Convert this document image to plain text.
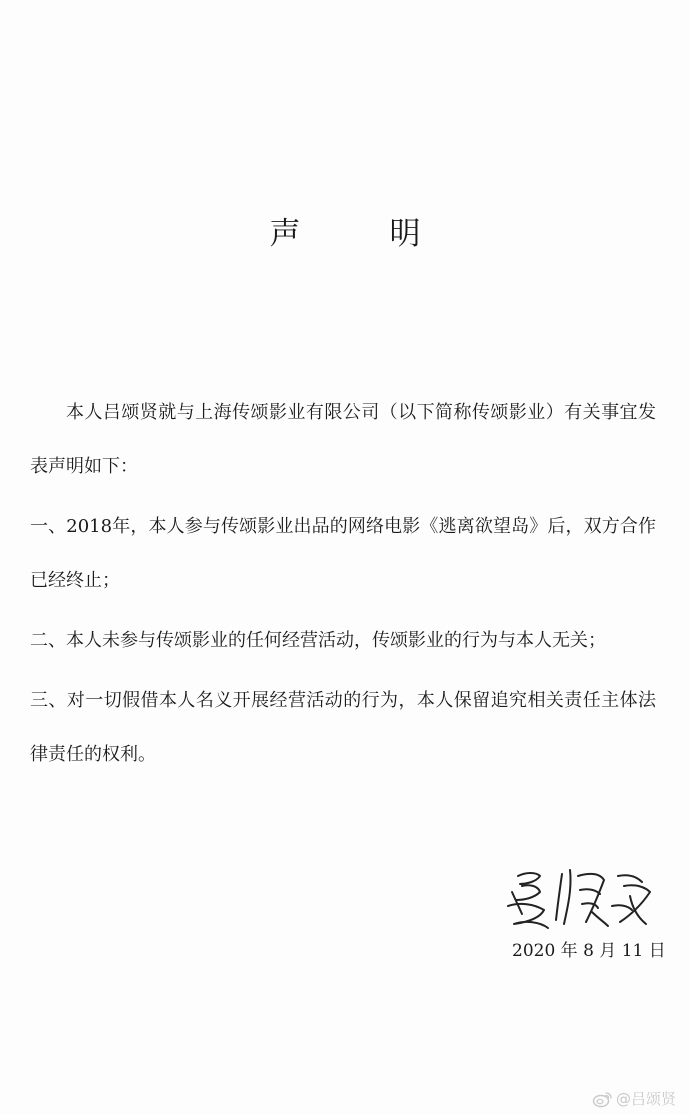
声	明

本人吕颂贤就与上海传颂影业有限公司（以下简称传颂影业）有关事宜发表声明如下：

一、2018年，本人参与传颂影业出品的网络电影《逃离欲望岛》后，双方合作已经终止；

二、本人未参与传颂影业的任何经营活动，传颂影业的行为与本人无关；

三、对一切假借本人名义开展经营活动的行为，本人保留追究相关责任主体法律责任的权利。

2020 年 8 月 11 日
@吕颂贤
